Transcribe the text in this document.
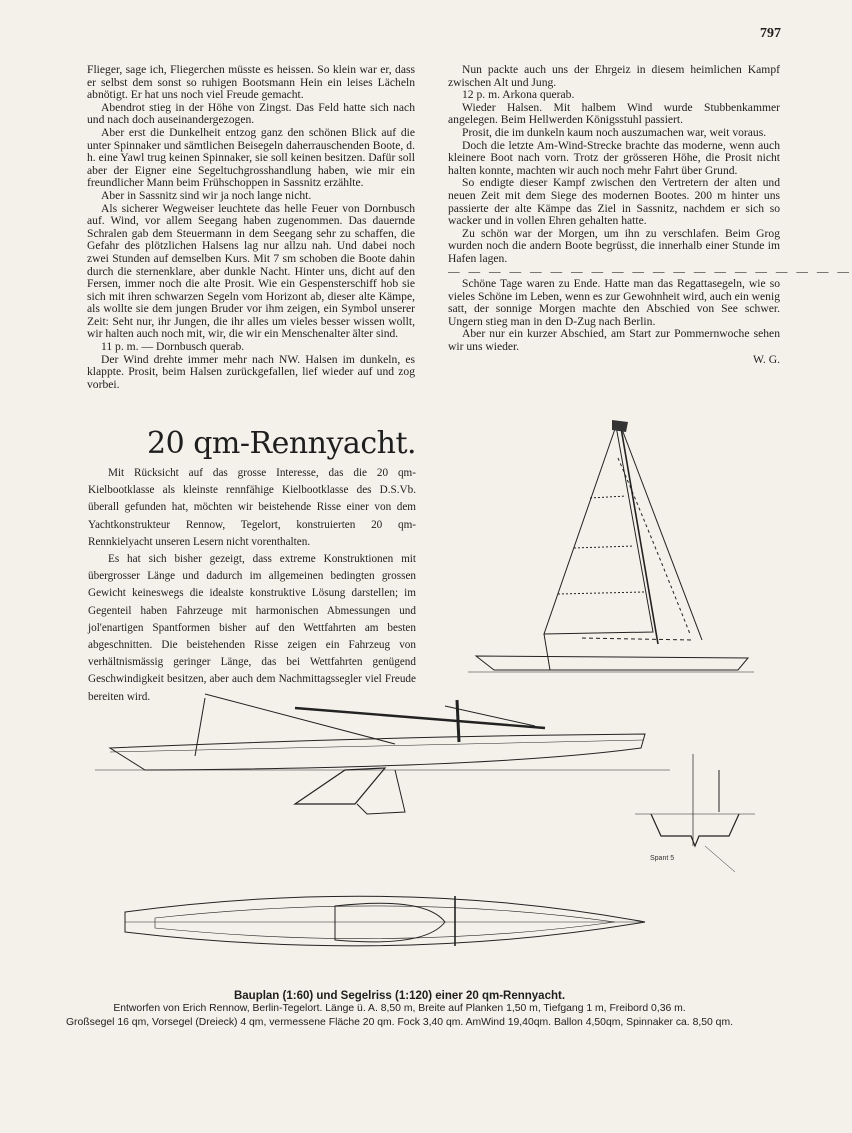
797

Flieger, sage ich, Fliegerchen müsste es heissen. So klein war er, dass er selbst dem sonst so ruhigen Bootsmann Hein ein leises Lächeln abnötigt. Er hat uns noch viel Freude gemacht.

Abendrot stieg in der Höhe von Zingst. Das Feld hatte sich nach und nach doch auseinandergezogen.

Aber erst die Dunkelheit entzog ganz den schönen Blick auf die unter Spinnaker und sämtlichen Beisegeln daherrauschenden Boote, d. h. eine Yawl trug keinen Spinnaker, sie soll keinen besitzen. Dafür soll aber der Eigner eine Segeltuchgrosshandlung haben, wie mir ein freundlicher Mann beim Frühschoppen in Sassnitz erzählte.

Aber in Sassnitz sind wir ja noch lange nicht.

Als sicherer Wegweiser leuchtete das helle Feuer von Dornbusch auf. Wind, vor allem Seegang haben zugenommen. Das dauernde Schralen gab dem Steuermann in dem Seegang sehr zu schaffen, die Gefahr des plötzlichen Halsens lag nur allzu nah. Und dabei noch zwei Stunden auf demselben Kurs. Mit 7 sm schoben die Boote dahin durch die sternenklare, aber dunkle Nacht. Hinter uns, dicht auf den Fersen, immer noch die alte Prosit. Wie ein Gespensterschiff hob sie sich mit ihren schwarzen Segeln vom Horizont ab, dieser alte Kämpe, als wollte sie dem jungen Bruder vor ihm zeigen, ein Symbol unserer Zeit: Seht nur, ihr Jungen, die ihr alles um vieles besser wissen wollt, wir halten auch noch mit, wir, die wir ein Menschenalter älter sind.

11 p. m. — Dornbusch querab.

Der Wind drehte immer mehr nach NW. Halsen im dunkeln, es klappte. Prosit, beim Halsen zurückgefallen, lief wieder auf und zog vorbei.

Nun packte auch uns der Ehrgeiz in diesem heimlichen Kampf zwischen Alt und Jung.

12 p. m. Arkona querab.

Wieder Halsen. Mit halbem Wind wurde Stubbenkammer angelegen. Beim Hellwerden Königsstuhl passiert.

Prosit, die im dunkeln kaum noch auszumachen war, weit voraus.

Doch die letzte Am-Wind-Strecke brachte das moderne, wenn auch kleinere Boot nach vorn. Trotz der grösseren Höhe, die Prosit nicht halten konnte, machten wir auch noch mehr Fahrt über Grund.

So endigte dieser Kampf zwischen den Vertretern der alten und neuen Zeit mit dem Siege des modernen Bootes. 200 m hinter uns passierte der alte Kämpe das Ziel in Sassnitz, nachdem er sich so wacker und in vollen Ehren gehalten hatte.

Zu schön war der Morgen, um ihn zu verschlafen. Beim Grog wurden noch die andern Boote begrüsst, die innerhalb einer Stunde im Hafen lagen.

— — — — — — — — — — — — — — — — — — — —

Schöne Tage waren zu Ende. Hatte man das Regattasegeln, wie so vieles Schöne im Leben, wenn es zur Gewohnheit wird, auch ein wenig satt, der sonnige Morgen machte den Abschied von See schwer. Ungern stieg man in den D-Zug nach Berlin.

Aber nur ein kurzer Abschied, am Start zur Pommernwoche sehen wir uns wieder.

W. G.

20 qm-Rennyacht.

Mit Rücksicht auf das grosse Interesse, das die 20 qm-Kielbootklasse als kleinste rennfähige Kielbootklasse des D.S.Vb. überall gefunden hat, möchten wir beistehende Risse einer von dem Yachtkonstrukteur Rennow, Tegelort, konstruierten 20 qm-Rennkielyacht unseren Lesern nicht vorenthalten.

Es hat sich bisher gezeigt, dass extreme Konstruktionen mit übergrosser Länge und dadurch im allgemeinen bedingten grossen Gewicht keineswegs die idealste konstruktive Lösung darstellen; im Gegenteil haben Fahrzeuge mit harmonischen Abmessungen und jol'enartigen Spantformen bisher auf den Wettfahrten am besten abgeschnitten. Die beistehenden Risse zeigen ein Fahrzeug von verhältnismässig geringer Länge, das bei Wettfahrten genügend Geschwindigkeit besitzen, aber auch dem Nachmittagssegler viel Freude bereiten wird.

Spant 5
Bauplan (1:60) und Segelriss (1:120) einer 20 qm-Rennyacht.
Entworfen von Erich Rennow, Berlin-Tegelort. Länge ü. A. 8,50 m, Breite auf Planken 1,50 m, Tiefgang 1 m, Freibord 0,36 m.
Großsegel 16 qm, Vorsegel (Dreieck) 4 qm, vermessene Fläche 20 qm. Fock 3,40 qm. AmWind 19,40qm. Ballon 4,50qm, Spinnaker ca. 8,50 qm.
